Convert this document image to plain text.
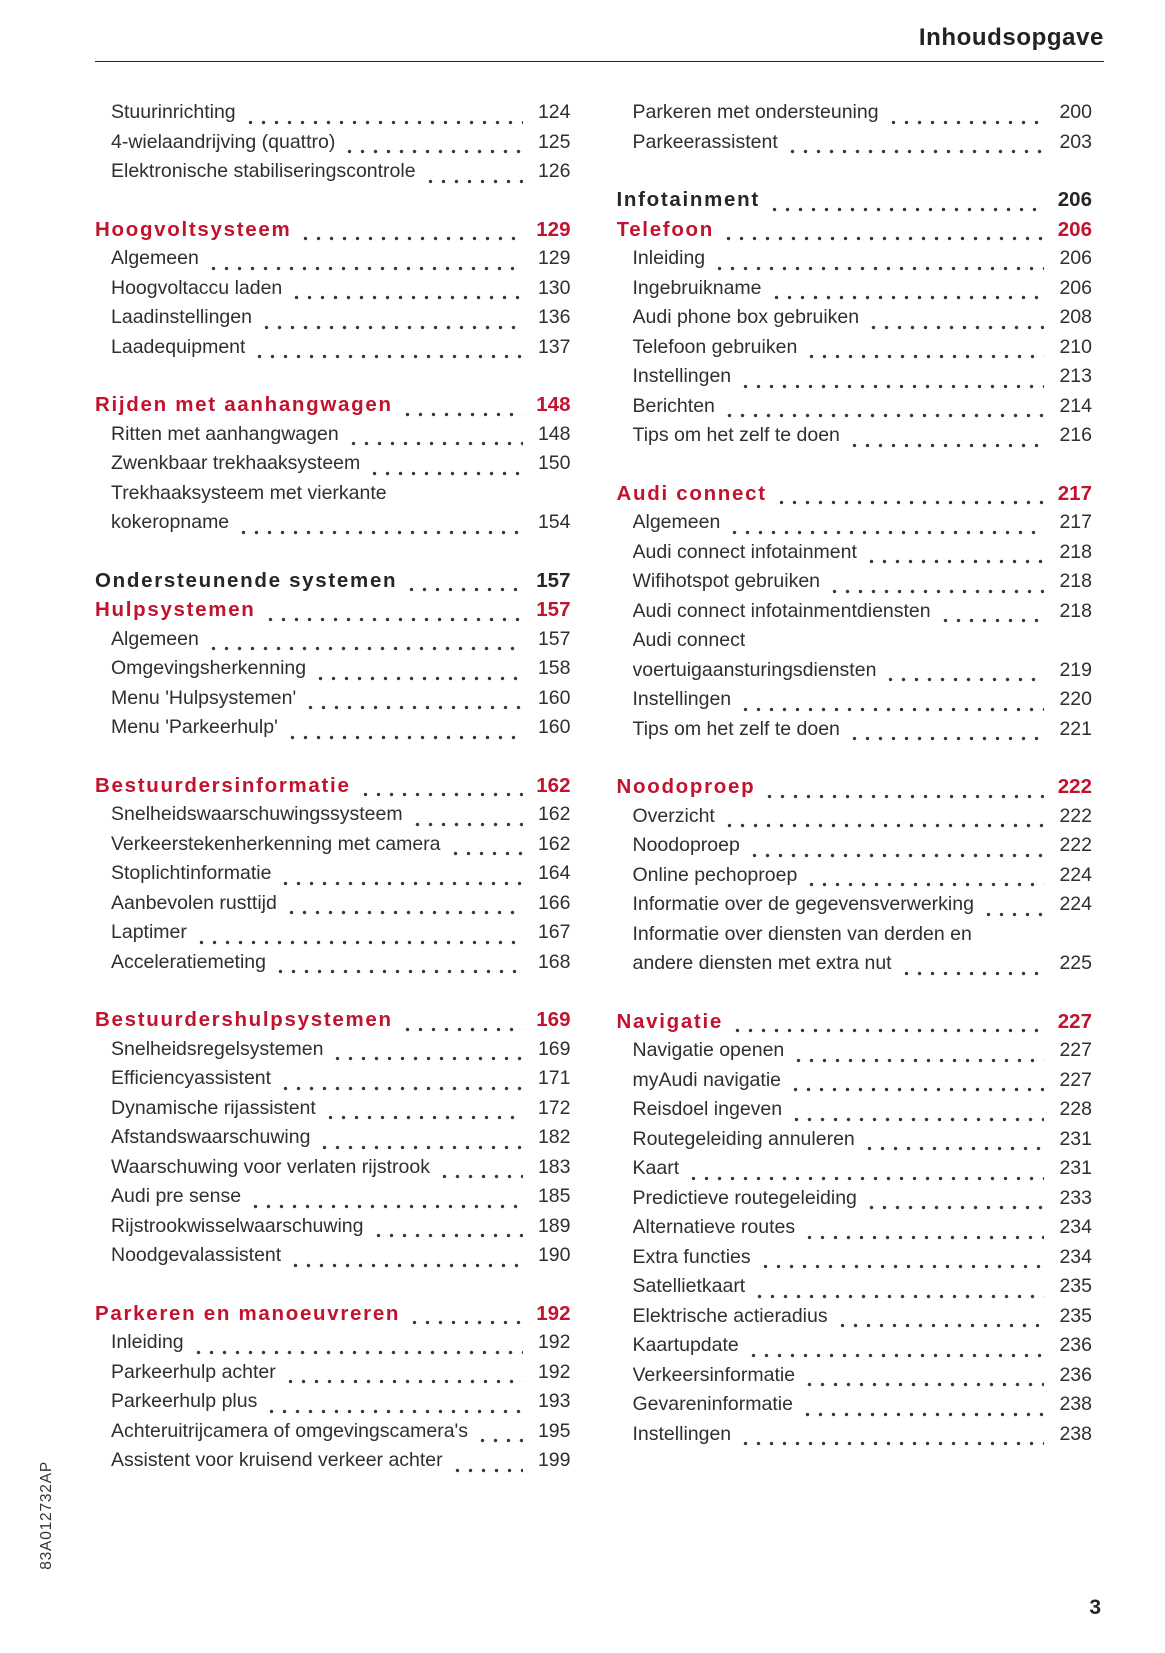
Inhoudsopgave
Stuurinrichting	124
4-wielaandrijving (quattro)	125
Elektronische stabiliseringscontrole	126
Hoogvoltsysteem	129
Algemeen	129
Hoogvoltaccu laden	130
Laadinstellingen	136
Laadequipment	137
Rijden met aanhangwagen	148
Ritten met aanhangwagen	148
Zwenkbaar trekhaaksysteem	150
Trekhaaksysteem met vierkante
kokeropname	154
Ondersteunende systemen	157
Hulpsystemen	157
Algemeen	157
Omgevingsherkenning	158
Menu 'Hulpsystemen'	160
Menu 'Parkeerhulp'	160
Bestuurdersinformatie	162
Snelheidswaarschuwingssysteem	162
Verkeerstekenherkenning met camera	162
Stoplichtinformatie	164
Aanbevolen rusttijd	166
Laptimer	167
Acceleratiemeting	168
Bestuurdershulpsystemen	169
Snelheidsregelsystemen	169
Efficiencyassistent	171
Dynamische rijassistent	172
Afstandswaarschuwing	182
Waarschuwing voor verlaten rijstrook	183
Audi pre sense	185
Rijstrookwisselwaarschuwing	189
Noodgevalassistent	190
Parkeren en manoeuvreren	192
Inleiding	192
Parkeerhulp achter	192
Parkeerhulp plus	193
Achteruitrijcamera of omgevingscamera's	195
Assistent voor kruisend verkeer achter	199
Parkeren met ondersteuning	200
Parkeerassistent	203
Infotainment	206
Telefoon	206
Inleiding	206
Ingebruikname	206
Audi phone box gebruiken	208
Telefoon gebruiken	210
Instellingen	213
Berichten	214
Tips om het zelf te doen	216
Audi connect	217
Algemeen	217
Audi connect infotainment	218
Wifihotspot gebruiken	218
Audi connect infotainmentdiensten	218
Audi connect
voertuigaansturingsdiensten	219
Instellingen	220
Tips om het zelf te doen	221
Noodoproep	222
Overzicht	222
Noodoproep	222
Online pechoproep	224
Informatie over de gegevensverwerking	224
Informatie over diensten van derden en
andere diensten met extra nut	225
Navigatie	227
Navigatie openen	227
myAudi navigatie	227
Reisdoel ingeven	228
Routegeleiding annuleren	231
Kaart	231
Predictieve routegeleiding	233
Alternatieve routes	234
Extra functies	234
Satellietkaart	235
Elektrische actieradius	235
Kaartupdate	236
Verkeersinformatie	236
Gevareninformatie	238
Instellingen	238
83A012732AP
3
